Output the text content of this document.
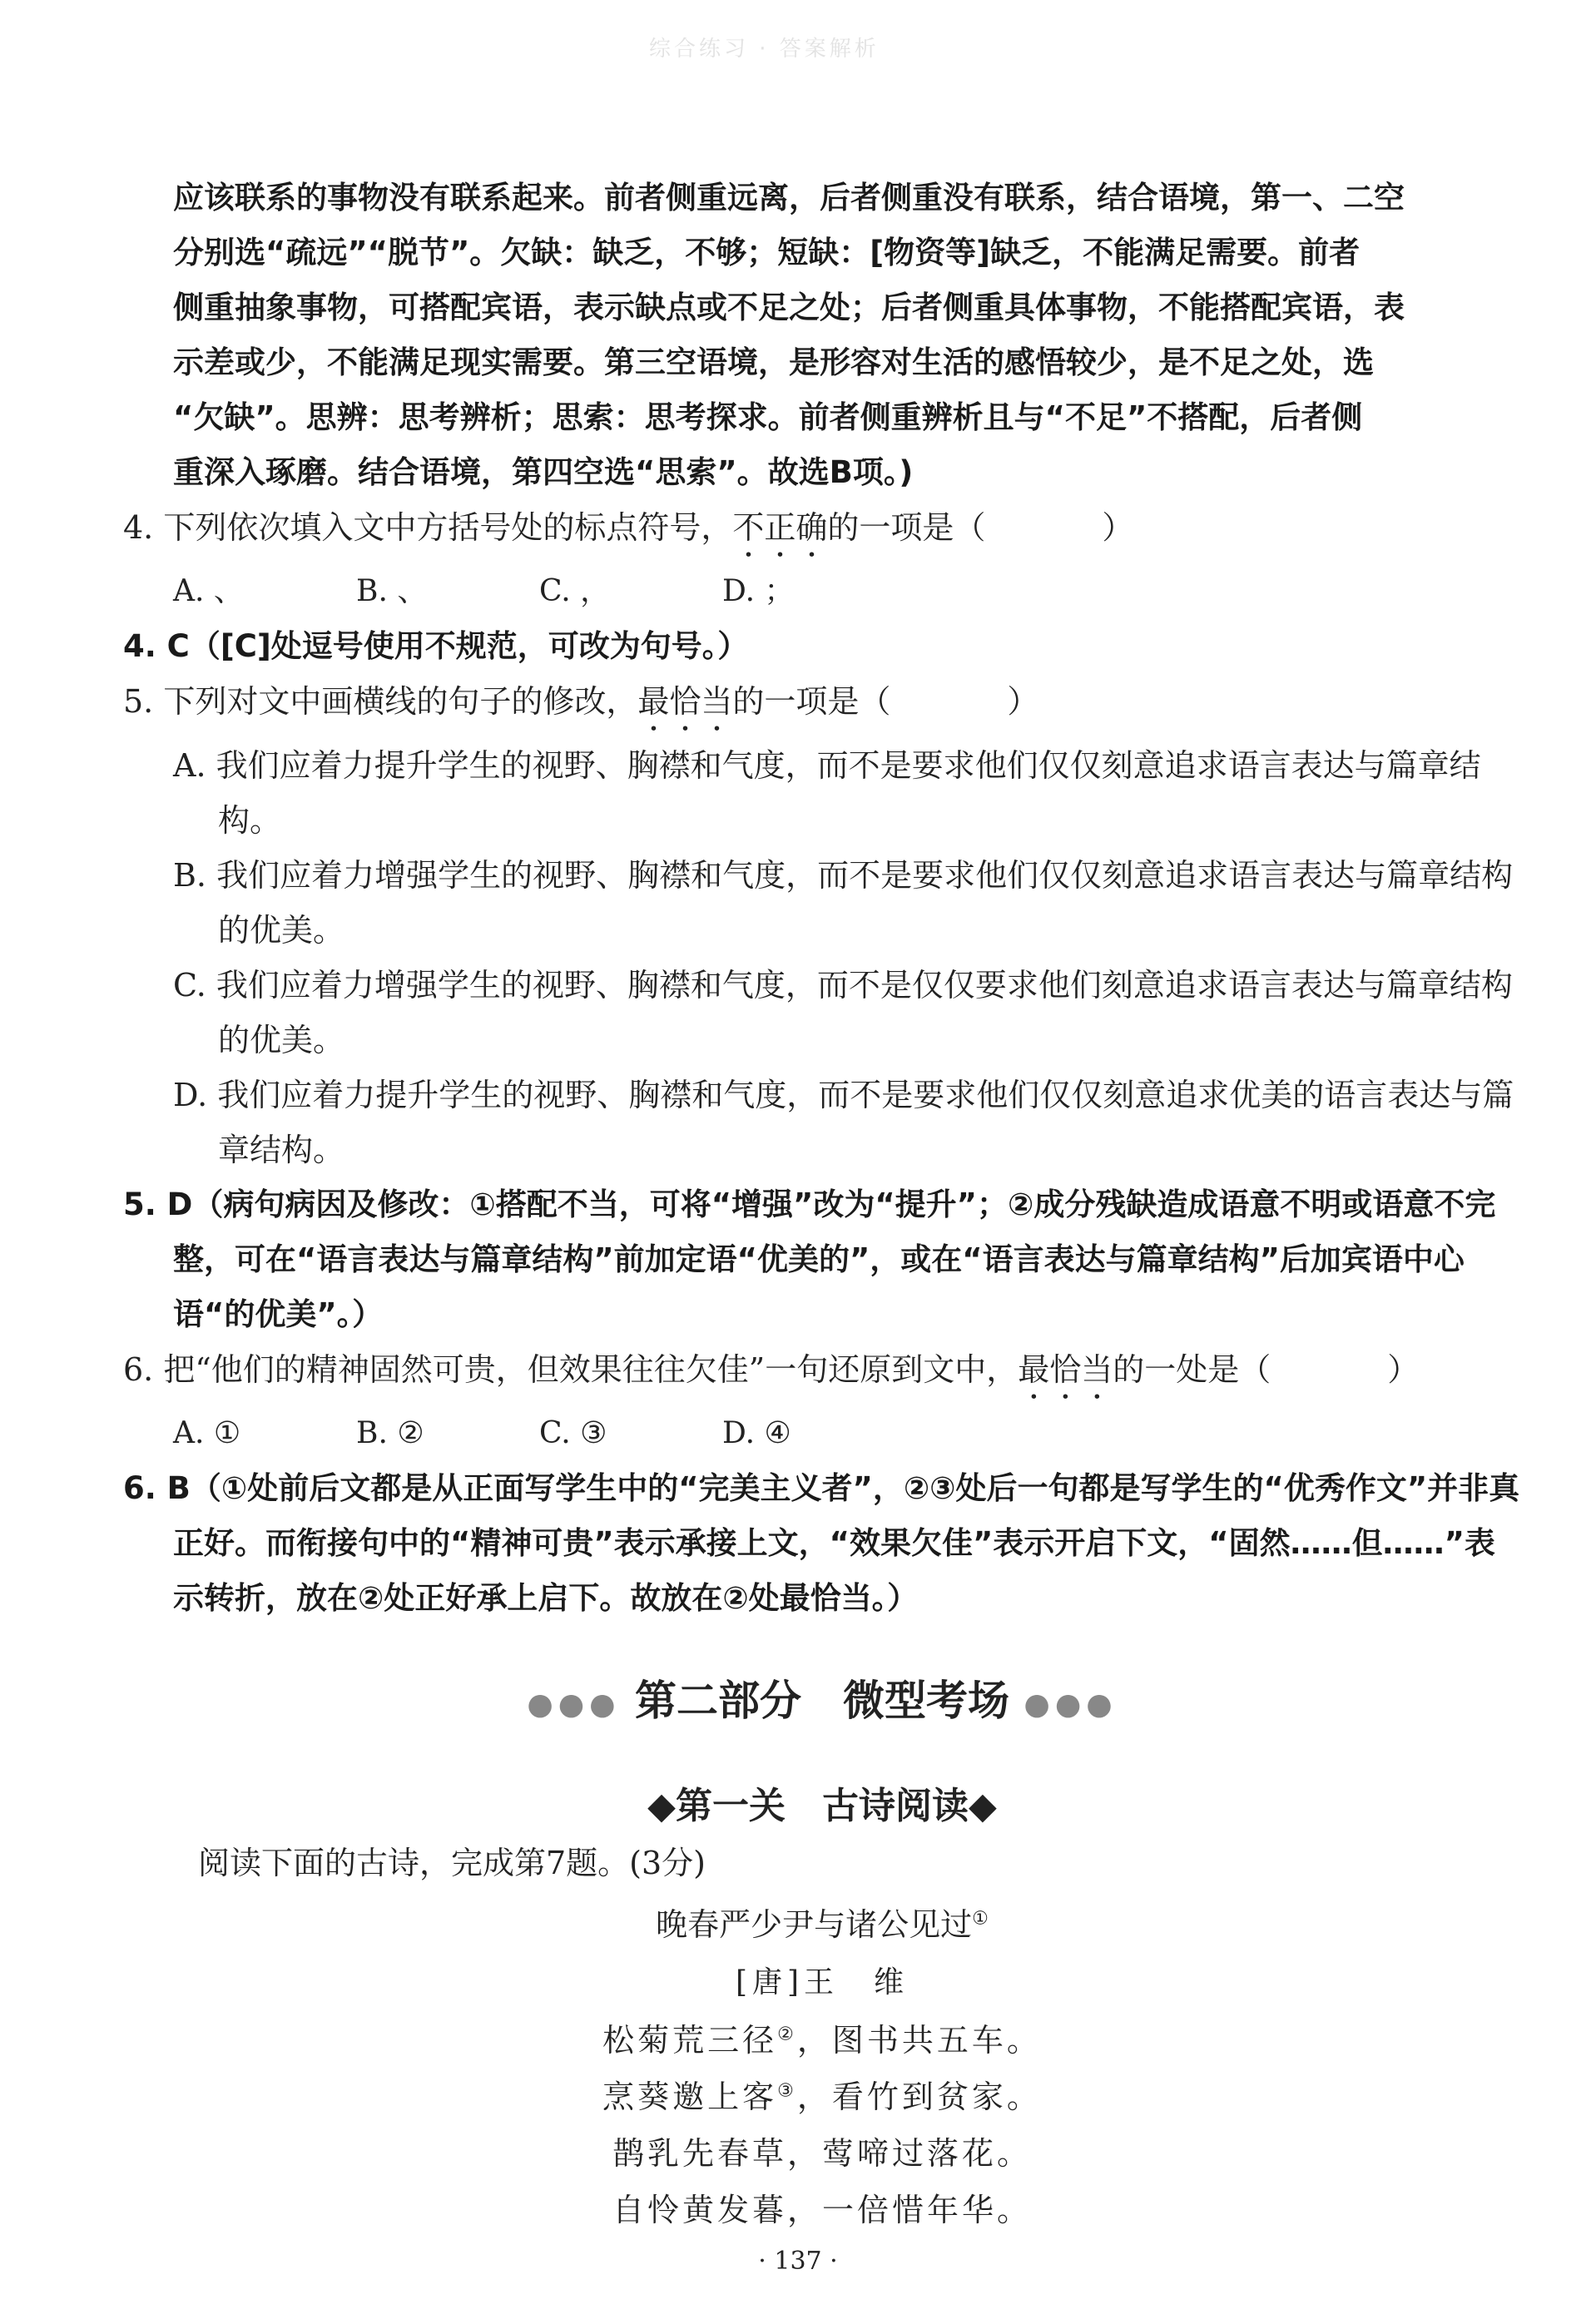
综合练习 · 答案解析

应该联系的事物没有联系起来。前者侧重远离，后者侧重没有联系，结合语境，第一、二空

分别选“疏远”“脱节”。欠缺：缺乏，不够；短缺：[物资等]缺乏，不能满足需要。前者

侧重抽象事物，可搭配宾语，表示缺点或不足之处；后者侧重具体事物，不能搭配宾语，表

示差或少，不能满足现实需要。第三空语境，是形容对生活的感悟较少，是不足之处，选

“欠缺”。思辨：思考辨析；思索：思考探求。前者侧重辨析且与“不足”不搭配，后者侧

重深入琢磨。结合语境，第四空选“思索”。故选B项。)

4. 下列依次填入文中方括号处的标点符号，不正确的一项是（	）

A. 、	B. 、	C. ，	D. ；

4. C（[C]处逗号使用不规范，可改为句号。）

5. 下列对文中画横线的句子的修改，最恰当的一项是（	）

A. 我们应着力提升学生的视野、胸襟和气度，而不是要求他们仅仅刻意追求语言表达与篇章结构。

B. 我们应着力增强学生的视野、胸襟和气度，而不是要求他们仅仅刻意追求语言表达与篇章结构的优美。

C. 我们应着力增强学生的视野、胸襟和气度，而不是仅仅要求他们刻意追求语言表达与篇章结构的优美。

D. 我们应着力提升学生的视野、胸襟和气度，而不是要求他们仅仅刻意追求优美的语言表达与篇章结构。

5. D（病句病因及修改：①搭配不当，可将“增强”改为“提升”；②成分残缺造成语意不明或语意不完整，可在“语言表达与篇章结构”前加定语“优美的”，或在“语言表达与篇章结构”后加宾语中心语“的优美”。）

6. 把“他们的精神固然可贵，但效果往往欠佳”一句还原到文中，最恰当的一处是（	）

A. ①	B. ②	C. ③	D. ④

6. B（①处前后文都是从正面写学生中的“完美主义者”，②③处后一句都是写学生的“优秀作文”并非真正好。而衔接句中的“精神可贵”表示承接上文，“效果欠佳”表示开启下文，“固然……但……”表示转折，放在②处正好承上启下。故放在②处最恰当。）

●●● 第二部分　微型考场 ●●●
◆第一关　古诗阅读◆

阅读下面的古诗，完成第7题。(3分)

晚春严少尹与诸公见过①
[唐]王　维
松菊荒三径②，图书共五车。
烹葵邀上客③，看竹到贫家。
鹊乳先春草，莺啼过落花。
自怜黄发暮，一倍惜年华。
· 137 ·
